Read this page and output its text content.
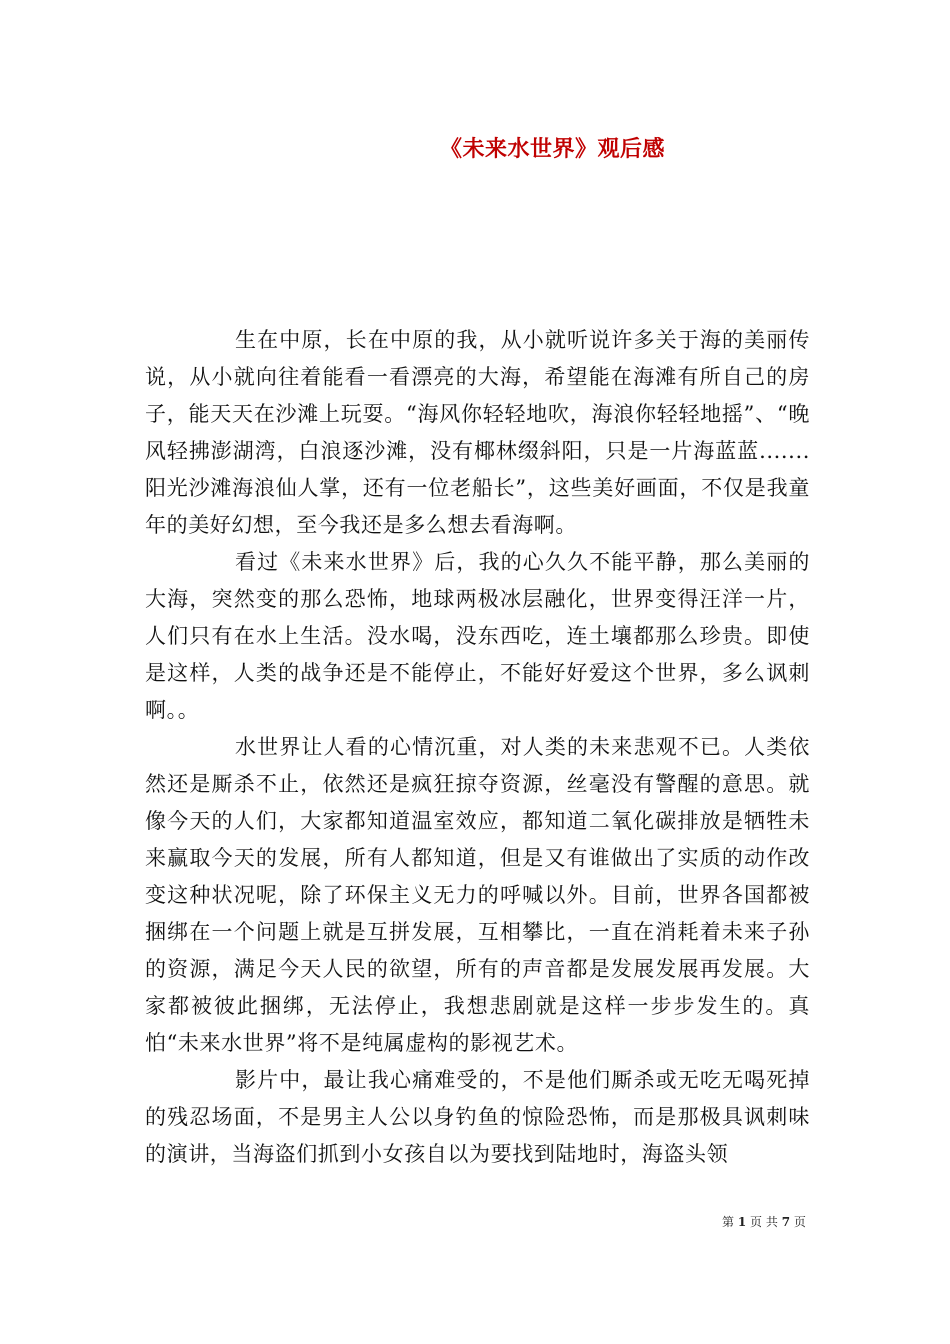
《未来水世界》观后感

生在中原，长在中原的我，从小就听说许多关于海的美丽传说，从小就向往着能看一看漂亮的大海，希望能在海滩有所自己的房子，能天天在沙滩上玩耍。“海风你轻轻地吹，海浪你轻轻地摇”、“晚风轻拂澎湖湾，白浪逐沙滩，没有椰林缀斜阳，只是一片海蓝蓝.......阳光沙滩海浪仙人掌，还有一位老船长”，这些美好画面，不仅是我童年的美好幻想，至今我还是多么想去看海啊。

看过《未来水世界》后，我的心久久不能平静，那么美丽的大海，突然变的那么恐怖，地球两极冰层融化，世界变得汪洋一片，人们只有在水上生活。没水喝，没东西吃，连土壤都那么珍贵。即使是这样，人类的战争还是不能停止，不能好好爱这个世界，多么讽刺啊。。

水世界让人看的心情沉重，对人类的未来悲观不已。人类依然还是厮杀不止，依然还是疯狂掠夺资源，丝毫没有警醒的意思。就像今天的人们，大家都知道温室效应，都知道二氧化碳排放是牺牲未来赢取今天的发展，所有人都知道，但是又有谁做出了实质的动作改变这种状况呢，除了环保主义无力的呼喊以外。目前，世界各国都被捆绑在一个问题上就是互拼发展，互相攀比，一直在消耗着未来子孙的资源，满足今天人民的欲望，所有的声音都是发展发展再发展。大家都被彼此捆绑，无法停止，我想悲剧就是这样一步步发生的。真怕“未来水世界”将不是纯属虚构的影视艺术。

影片中，最让我心痛难受的，不是他们厮杀或无吃无喝死掉的残忍场面，不是男主人公以身钓鱼的惊险恐怖，而是那极具讽刺味的演讲，当海盗们抓到小女孩自以为要找到陆地时，海盗头领

第 1 页 共 7 页
